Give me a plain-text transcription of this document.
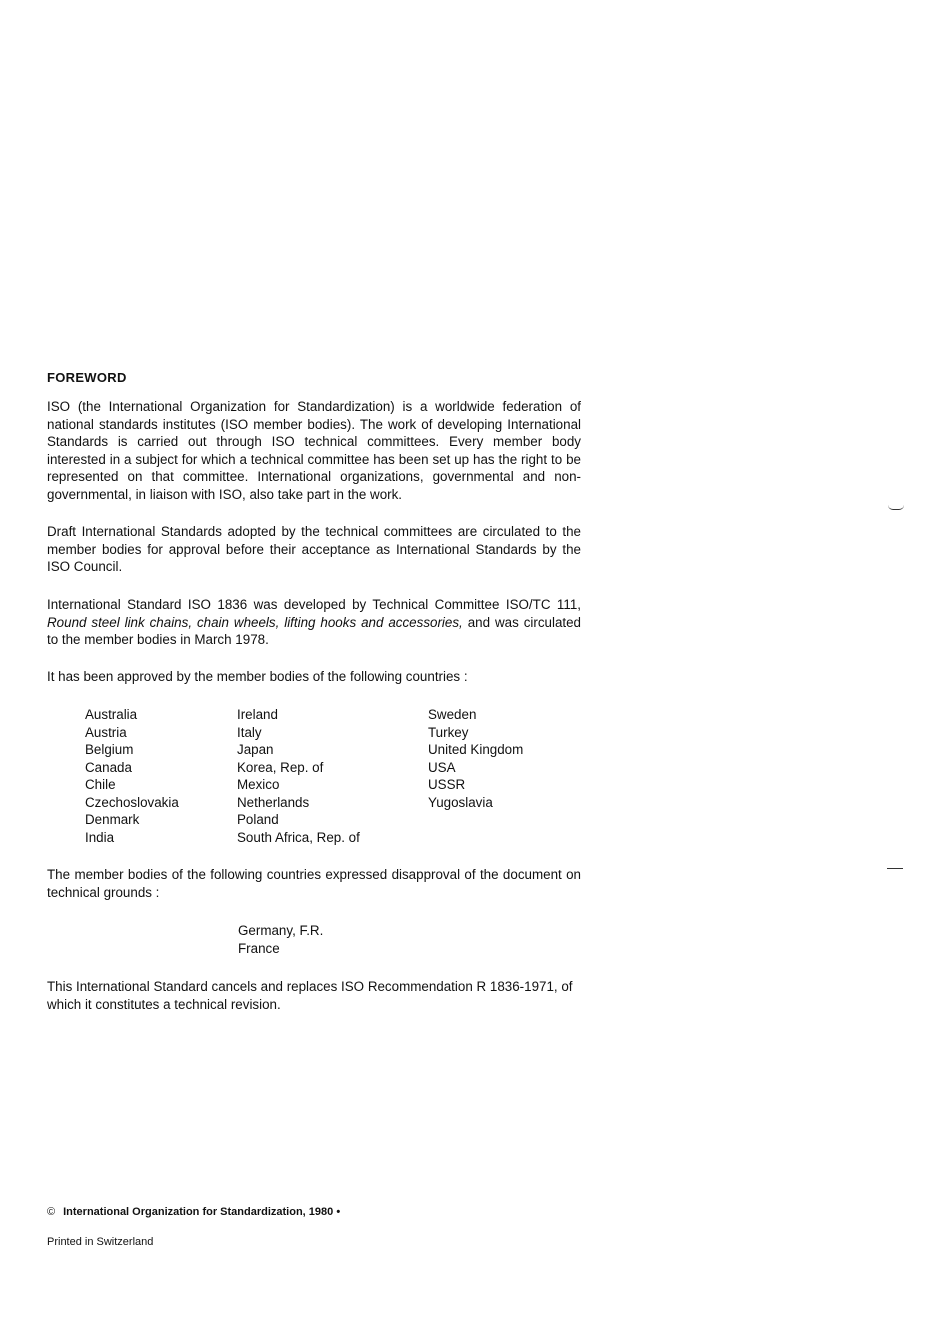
FOREWORD
ISO (the International Organization for Standardization) is a worldwide federation of national standards institutes (ISO member bodies). The work of developing International Standards is carried out through ISO technical committees. Every member body interested in a subject for which a technical committee has been set up has the right to be represented on that committee. International organizations, governmental and non-governmental, in liaison with ISO, also take part in the work.
Draft International Standards adopted by the technical committees are circulated to the member bodies for approval before their acceptance as International Standards by the ISO Council.
International Standard ISO 1836 was developed by Technical Committee ISO/TC 111, Round steel link chains, chain wheels, lifting hooks and accessories, and was circulated to the member bodies in March 1978.
It has been approved by the member bodies of the following countries :
Australia
Austria
Belgium
Canada
Chile
Czechoslovakia
Denmark
India
Ireland
Italy
Japan
Korea, Rep. of
Mexico
Netherlands
Poland
South Africa, Rep. of
Sweden
Turkey
United Kingdom
USA
USSR
Yugoslavia
The member bodies of the following countries expressed disapproval of the document on technical grounds :
Germany, F.R.
France
This International Standard cancels and replaces ISO Recommendation R 1836-1971, of which it constitutes a technical revision.
© International Organization for Standardization, 1980 •
Printed in Switzerland
